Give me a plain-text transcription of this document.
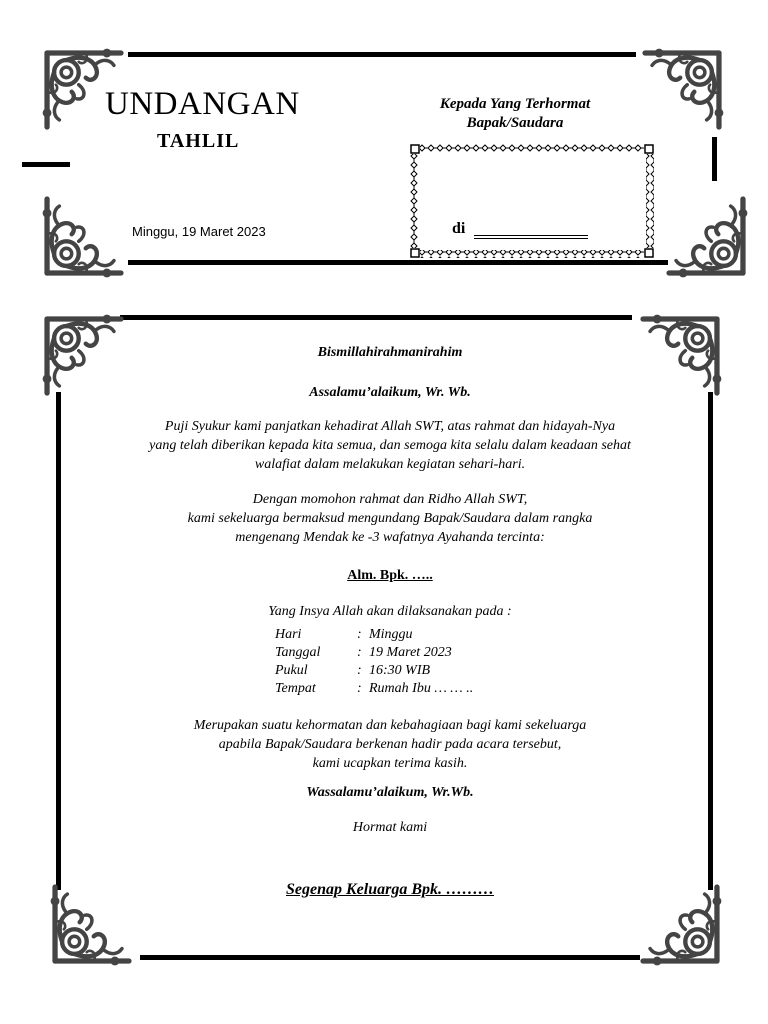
UNDANGAN
TAHLIL
Minggu, 19 Maret 2023
Kepada Yang Terhormat
Bapak/Saudara
di
Bismillahirahmanirahim
Assalamu’alaikum, Wr. Wb.
Puji Syukur kami panjatkan kehadirat Allah SWT, atas rahmat dan hidayah-Nya
yang telah diberikan kepada kita semua, dan semoga kita selalu dalam keadaan sehat
walafiat dalam melakukan kegiatan sehari-hari.
Dengan momohon rahmat dan Ridho Allah SWT,
kami sekeluarga bermaksud mengundang Bapak/Saudara dalam rangka
mengenang Mendak ke -3 wafatnya Ayahanda tercinta:
Alm. Bpk. …..
Yang Insya Allah akan dilaksanakan pada :
Hari	: Minggu
Tanggal	: 19 Maret 2023
Pukul	: 16:30 WIB
Tempat	: Rumah Ibu … … ..
Merupakan suatu kehormatan dan kebahagiaan bagi kami sekeluarga
apabila Bapak/Saudara berkenan hadir pada acara tersebut,
kami ucapkan terima kasih.
Wassalamu’alaikum, Wr.Wb.
Hormat kami
Segenap Keluarga Bpk. ………
